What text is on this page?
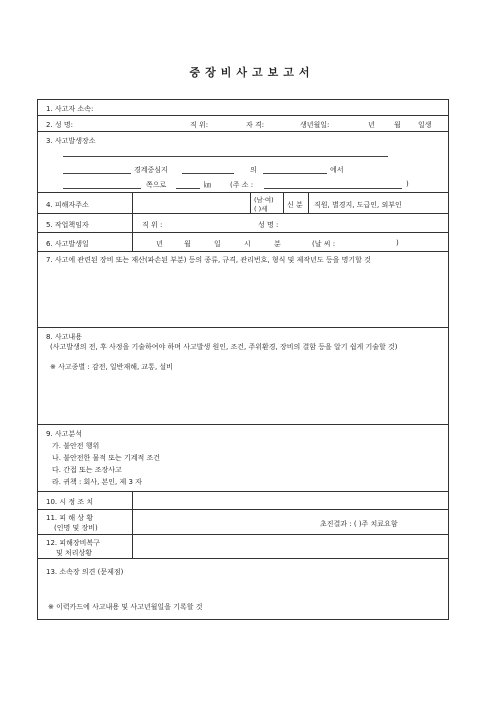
중장비사고보고서
1. 사고자 소속:
2. 성 명:	직 위:	자 격:	생년월일:	년	월 일생
3. 사고발생장소
경계중심지	의	에서
쪽으로	㎞	(주 소 :	)
4. 피해자주소
(남·여)
( )세	신 분 직원, 별경지, 도급인, 외부인
5. 작업책임자	직 위 :	성 명 :
6. 사고발생일	년	월	일	시	분	(날 씨 :	)
7. 사고에 관련된 장비 또는 재산(파손된 부분) 등의 종류, 규격, 관리번호, 형식 및 제작년도 등을 명기할 것
8. 사고내용
(사고발생의 전, 후 사정을 기술하여야 하며 사고발생 원인, 조건, 주위환경, 장비의 결함 등을 알기 쉽게 기술할 것)
※ 사고종별 : 감전, 일반재해, 교통, 설비
9. 사고분석
가. 불안전 행위
나. 불안전한 물적 또는 기계적 조건
다. 간접 또는 조장사고
라. 귀책 : 회사, 본인, 제 3 자
10. 시 정 조 치
11. 피 해 상 황
(인명 및 장비)	초진결과 : ( )주 치료요함
12. 피해장비복구
및 처리상황
13. 소속장 의견 (문제점)
※ 이력카드에 사고내용 및 사고년월일을 기록할 것
